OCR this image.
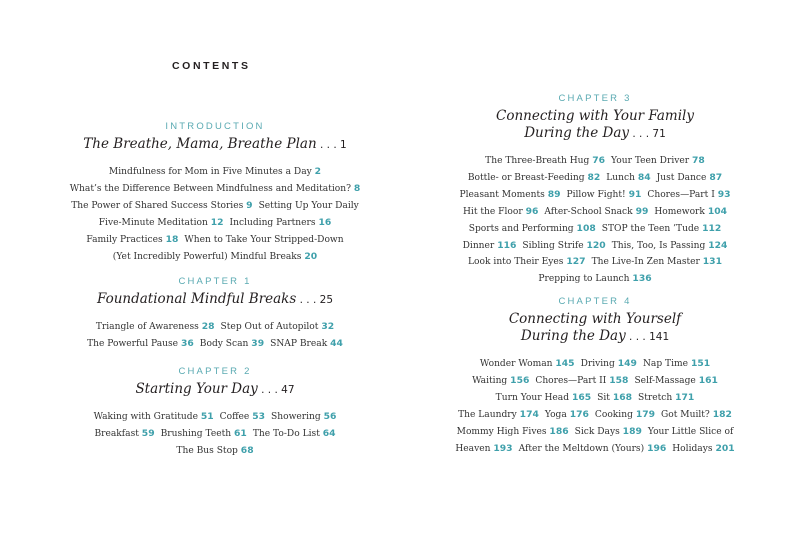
CONTENTS
INTRODUCTION
The Breathe, Mama, Breathe Plan . . . 1
Mindfulness for Mom in Five Minutes a Day 2
What’s the Difference Between Mindfulness and Meditation? 8
The Power of Shared Success Stories 9 Setting Up Your Daily
Five-Minute Meditation 12 Including Partners 16
Family Practices 18 When to Take Your Stripped-Down
(Yet Incredibly Powerful) Mindful Breaks 20
CHAPTER 1
Foundational Mindful Breaks . . . 25
Triangle of Awareness 28 Step Out of Autopilot 32
The Powerful Pause 36 Body Scan 39 SNAP Break 44
CHAPTER 2
Starting Your Day . . . 47
Waking with Gratitude 51 Coffee 53 Showering 56
Breakfast 59 Brushing Teeth 61 The To-Do List 64
The Bus Stop 68
CHAPTER 3
Connecting with Your Family
During the Day . . . 71
The Three-Breath Hug 76 Your Teen Driver 78
Bottle- or Breast-Feeding 82 Lunch 84 Just Dance 87
Pleasant Moments 89 Pillow Fight! 91 Chores—Part I 93
Hit the Floor 96 After-School Snack 99 Homework 104
Sports and Performing 108 STOP the Teen ’Tude 112
Dinner 116 Sibling Strife 120 This, Too, Is Passing 124
Look into Their Eyes 127 The Live-In Zen Master 131
Prepping to Launch 136
CHAPTER 4
Connecting with Yourself
During the Day . . . 141
Wonder Woman 145 Driving 149 Nap Time 151
Waiting 156 Chores—Part II 158 Self-Massage 161
Turn Your Head 165 Sit 168 Stretch 171
The Laundry 174 Yoga 176 Cooking 179 Got Muilt? 182
Mommy High Fives 186 Sick Days 189 Your Little Slice of
Heaven 193 After the Meltdown (Yours) 196 Holidays 201
